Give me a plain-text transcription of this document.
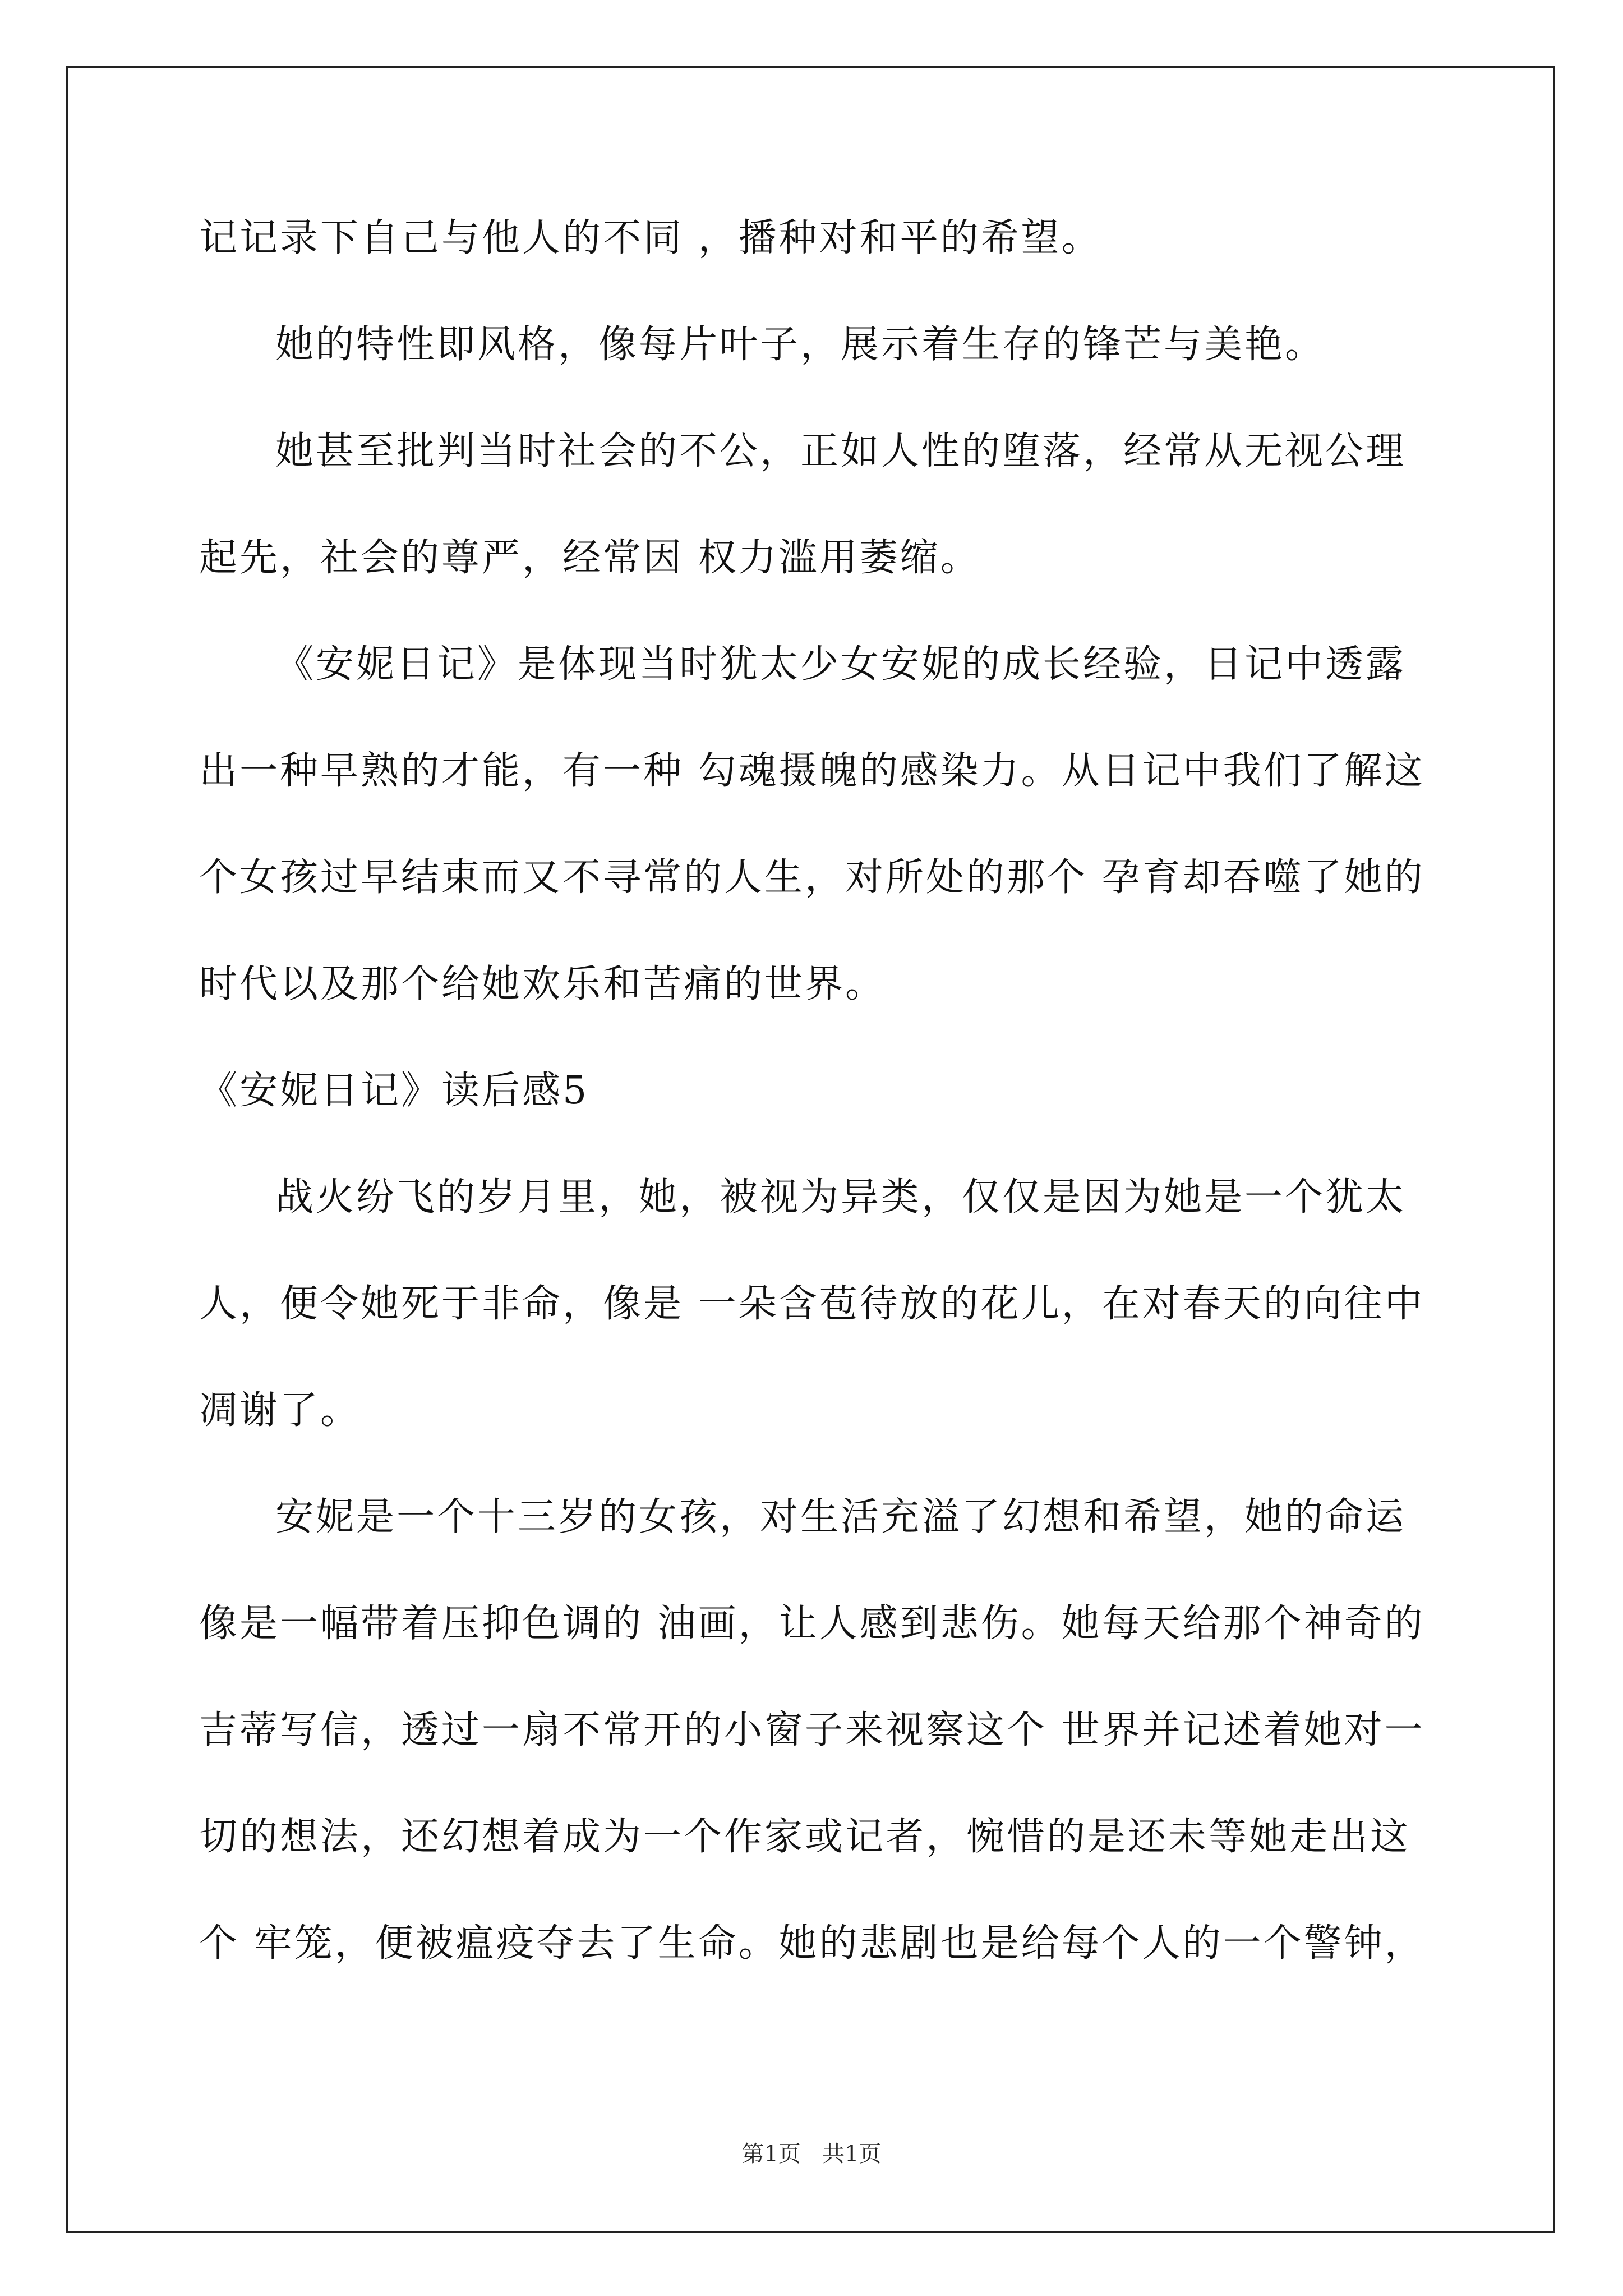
记记录下自己与他人的不同 ，播种对和平的希望。
她的特性即风格，像每片叶子，展示着生存的锋芒与美艳。
她甚至批判当时社会的不公，正如人性的堕落，经常从无视公理
起先，社会的尊严，经常因 权力滥用萎缩。
《安妮日记》是体现当时犹太少女安妮的成长经验，日记中透露
出一种早熟的才能，有一种 勾魂摄魄的感染力。从日记中我们了解这
个女孩过早结束而又不寻常的人生，对所处的那个 孕育却吞噬了她的
时代以及那个给她欢乐和苦痛的世界。
《安妮日记》读后感5
战火纷飞的岁月里，她，被视为异类，仅仅是因为她是一个犹太
人，便令她死于非命，像是 一朵含苞待放的花儿，在对春天的向往中
凋谢了。
安妮是一个十三岁的女孩，对生活充溢了幻想和希望，她的命运
像是一幅带着压抑色调的 油画，让人感到悲伤。她每天给那个神奇的
吉蒂写信，透过一扇不常开的小窗子来视察这个 世界并记述着她对一
切的想法，还幻想着成为一个作家或记者，惋惜的是还未等她走出这
个 牢笼，便被瘟疫夺去了生命。她的悲剧也是给每个人的一个警钟，
第1页   共1页
